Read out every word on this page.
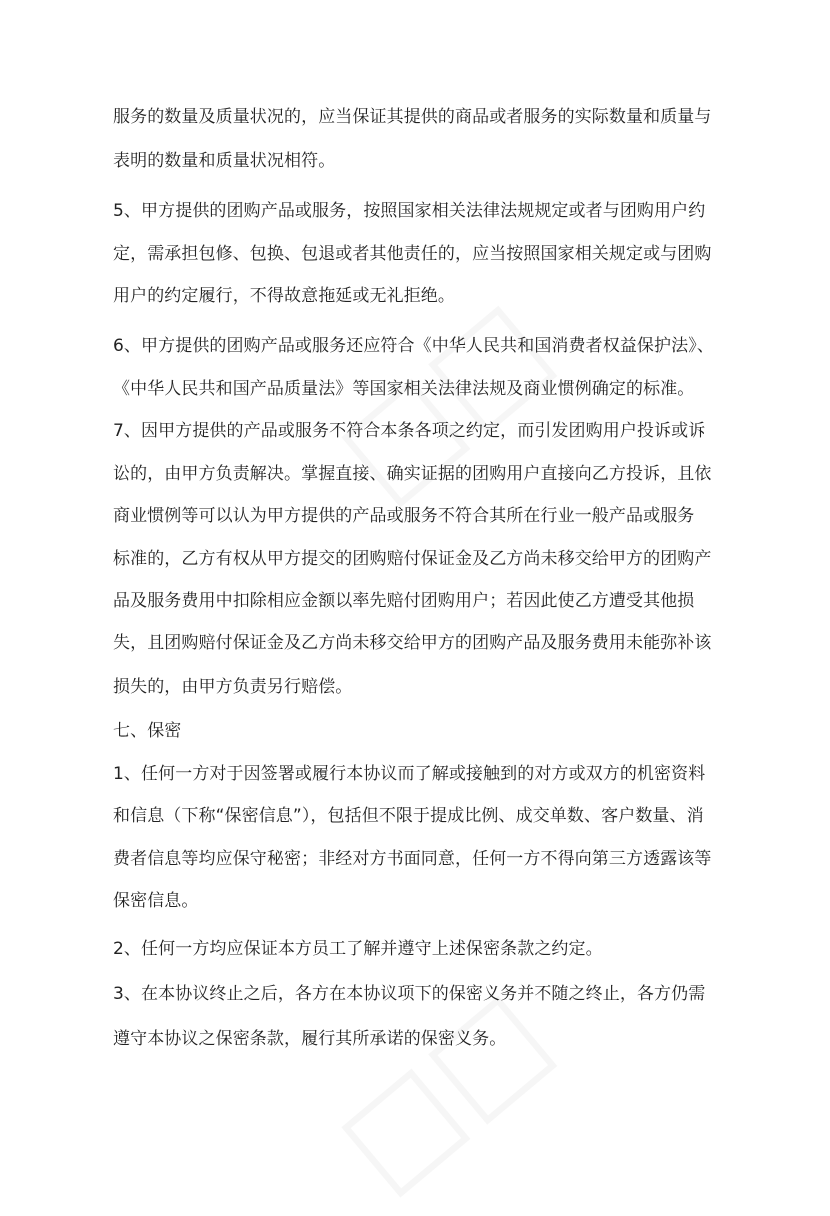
服务的数量及质量状况的，应当保证其提供的商品或者服务的实际数量和质量与
表明的数量和质量状况相符。
5、甲方提供的团购产品或服务，按照国家相关法律法规规定或者与团购用户约
定，需承担包修、包换、包退或者其他责任的，应当按照国家相关规定或与团购
用户的约定履行，不得故意拖延或无礼拒绝。
6、甲方提供的团购产品或服务还应符合《中华人民共和国消费者权益保护法》、
《中华人民共和国产品质量法》等国家相关法律法规及商业惯例确定的标准。
7、因甲方提供的产品或服务不符合本条各项之约定，而引发团购用户投诉或诉
讼的，由甲方负责解决。掌握直接、确实证据的团购用户直接向乙方投诉，且依
商业惯例等可以认为甲方提供的产品或服务不符合其所在行业一般产品或服务
标准的，乙方有权从甲方提交的团购赔付保证金及乙方尚未移交给甲方的团购产
品及服务费用中扣除相应金额以率先赔付团购用户；若因此使乙方遭受其他损
失，且团购赔付保证金及乙方尚未移交给甲方的团购产品及服务费用未能弥补该
损失的，由甲方负责另行赔偿。
七、保密
1、任何一方对于因签署或履行本协议而了解或接触到的对方或双方的机密资料
和信息（下称“保密信息”），包括但不限于提成比例、成交单数、客户数量、消
费者信息等均应保守秘密；非经对方书面同意，任何一方不得向第三方透露该等
保密信息。
2、任何一方均应保证本方员工了解并遵守上述保密条款之约定。
3、在本协议终止之后，各方在本协议项下的保密义务并不随之终止，各方仍需
遵守本协议之保密条款，履行其所承诺的保密义务。
